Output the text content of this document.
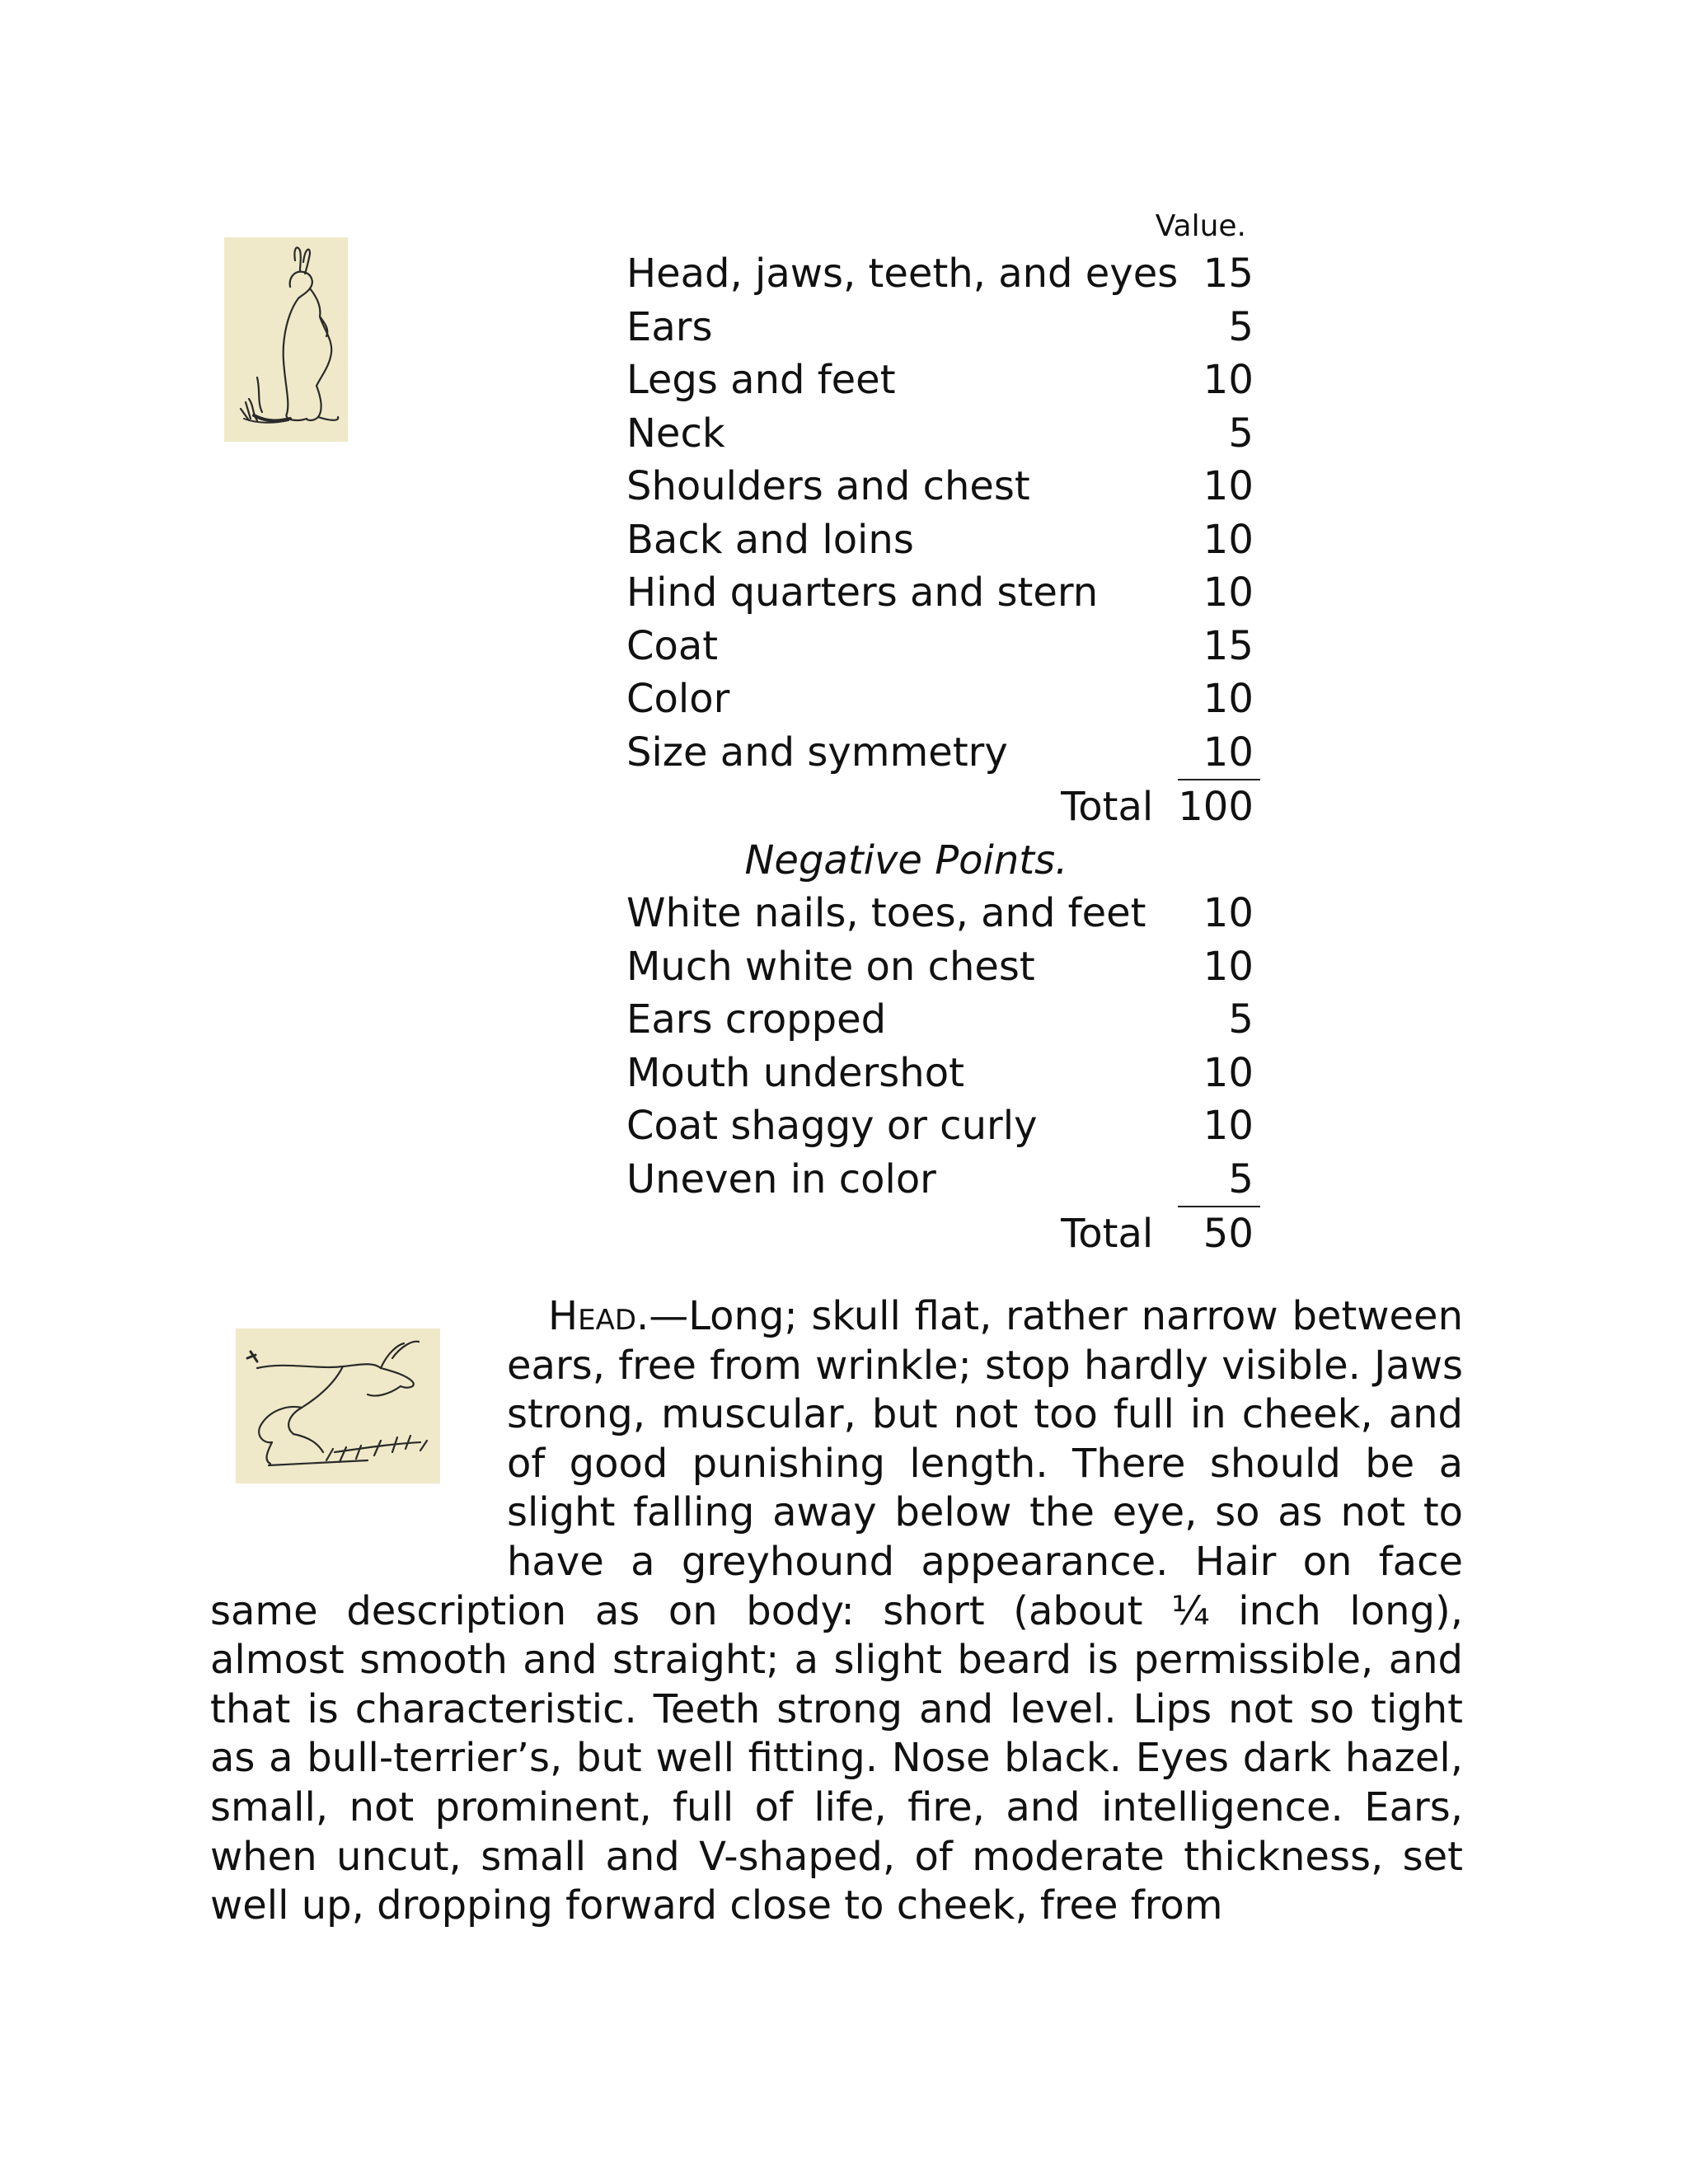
Value.
Head, jaws, teeth, and eyes	15
Ears	5
Legs and feet	10
Neck	5
Shoulders and chest	10
Back and loins	10
Hind quarters and stern	10
Coat	15
Color	10
Size and symmetry	10
Total	100
Negative Points.	
White nails, toes, and feet	10
Much white on chest	10
Ears cropped	5
Mouth undershot	10
Coat shaggy or curly	10
Uneven in color	5
Total	50

Head.—Long; skull flat, rather narrow between ears, free from wrinkle; stop hardly visible. Jaws strong, muscular, but not too full in cheek, and of good punishing length. There should be a slight falling away below the eye, so as not to have a greyhound appearance. Hair on face same description as on body: short (about ¼ inch long), almost smooth and straight; a slight beard is permissible, and that is characteristic. Teeth strong and level. Lips not so tight as a bull-terrier’s, but well fitting. Nose black. Eyes dark hazel, small, not prominent, full of life, fire, and intelligence. Ears, when uncut, small and V-shaped, of moderate thickness, set well up, dropping forward close to cheek, free from
